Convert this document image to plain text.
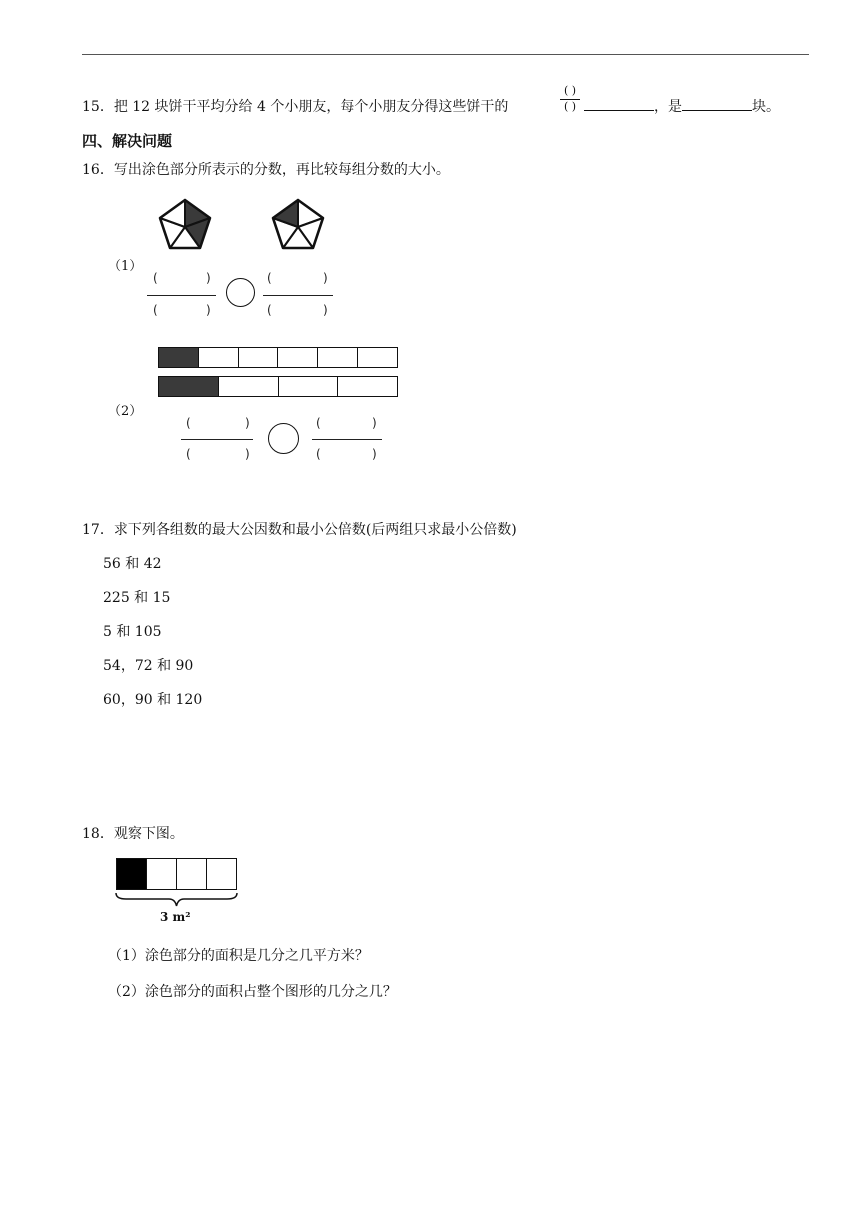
15．把 12 块饼干平均分给 4 个小朋友，每个小朋友分得这些饼干的
( )
( )	，是	块。
四、解决问题
16．写出涂色部分所表示的分数，再比较每组分数的大小。
（1）
(	)
(	)
(	)
(	)
（2）
(	)
(	)
(	)
(	)
17．求下列各组数的最大公因数和最小公倍数(后两组只求最小公倍数)
56 和 42
225 和 15
5 和 105
54，72 和 90
60，90 和 120
18．观察下图。
3 m²
（1）涂色部分的面积是几分之几平方米？
（2）涂色部分的面积占整个图形的几分之几？
